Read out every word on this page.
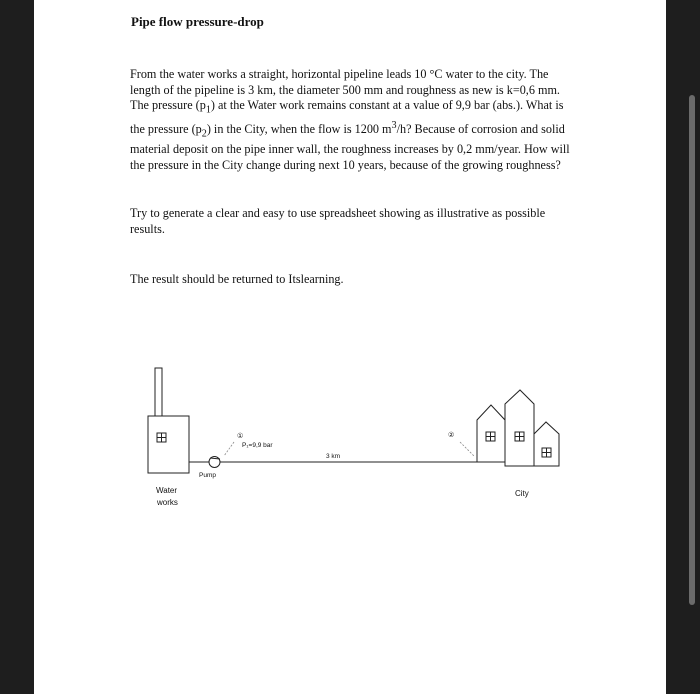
Pipe flow pressure-drop
From the water works a straight, horizontal pipeline leads 10 °C water to the city. The length of the pipeline is 3 km, the diameter 500 mm and roughness as new is k=0,6 mm. The pressure $(p_1)$ at the Water work remains constant at a value of 9,9 bar (abs.). What is the pressure $(p_2)$ in the City, when the flow is 1200 $m^3/h$? Because of corrosion and solid material deposit on the pipe inner wall, the roughness increases by 0,2 mm/year. How will the pressure in the City change during next 10 years, because of the growing roughness?
Try to generate a clear and easy to use spreadsheet showing as illustrative as possible results.
The result should be returned to Itslearning.
Pump
①
P₁=9,9 bar
3 km
②
Water
works
City
